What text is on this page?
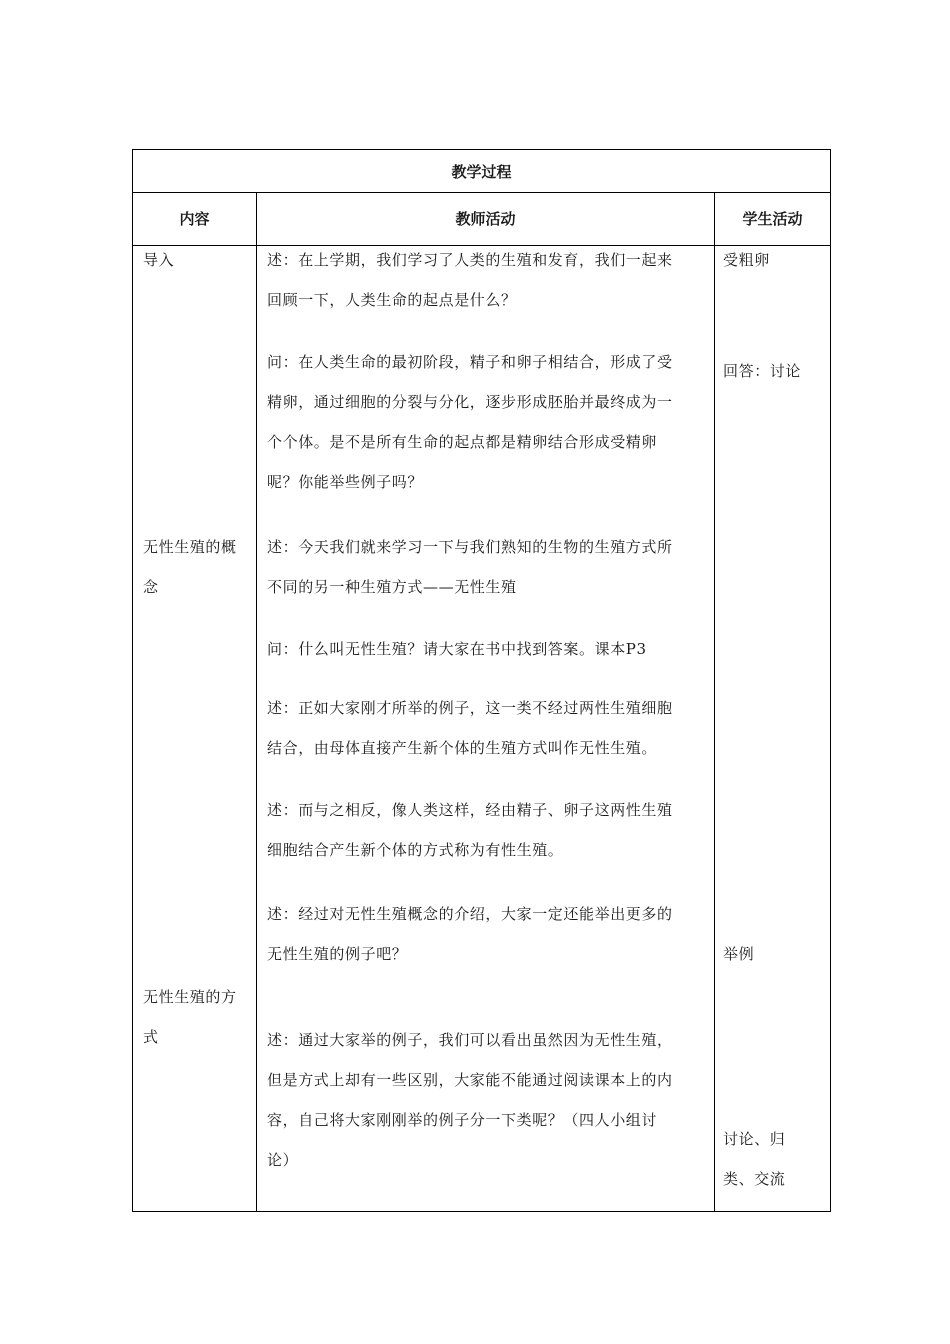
教学过程
内容	教师活动	学生活动
导入
无性生殖的概
念
无性生殖的方
式
述：在上学期，我们学习了人类的生殖和发育，我们一起来
回顾一下，人类生命的起点是什么？
问：在人类生命的最初阶段，精子和卵子相结合，形成了受
精卵，通过细胞的分裂与分化，逐步形成胚胎并最终成为一
个个体。是不是所有生命的起点都是精卵结合形成受精卵
呢？你能举些例子吗？
述：今天我们就来学习一下与我们熟知的生物的生殖方式所
不同的另一种生殖方式——无性生殖
问：什么叫无性生殖？请大家在书中找到答案。课本P3
述：正如大家刚才所举的例子，这一类不经过两性生殖细胞
结合，由母体直接产生新个体的生殖方式叫作无性生殖。
述：而与之相反，像人类这样，经由精子、卵子这两性生殖
细胞结合产生新个体的方式称为有性生殖。
述：经过对无性生殖概念的介绍，大家一定还能举出更多的
无性生殖的例子吧？
述：通过大家举的例子，我们可以看出虽然因为无性生殖，
但是方式上却有一些区别，大家能不能通过阅读课本上的内
容，自己将大家刚刚举的例子分一下类呢？（四人小组讨
论）
受粗卵
回答：讨论
举例
讨论、归
类、交流
